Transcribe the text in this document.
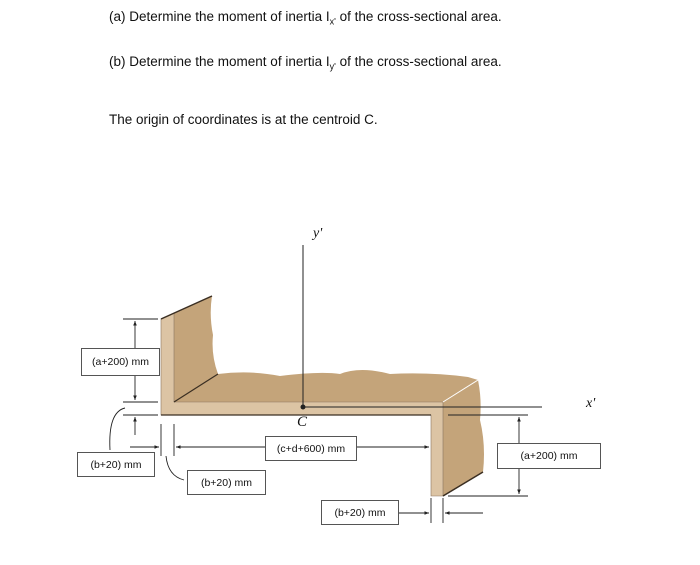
(a) Determine the moment of inertia $I_{x'}$ of the cross-sectional area.
(b) Determine the moment of inertia $I_{y'}$ of the cross-sectional area.
The origin of coordinates is at the centroid C.
y'
x'
C
(a+200) mm
(b+20) mm
(b+20) mm
(c+d+600) mm
(a+200) mm
(b+20) mm
